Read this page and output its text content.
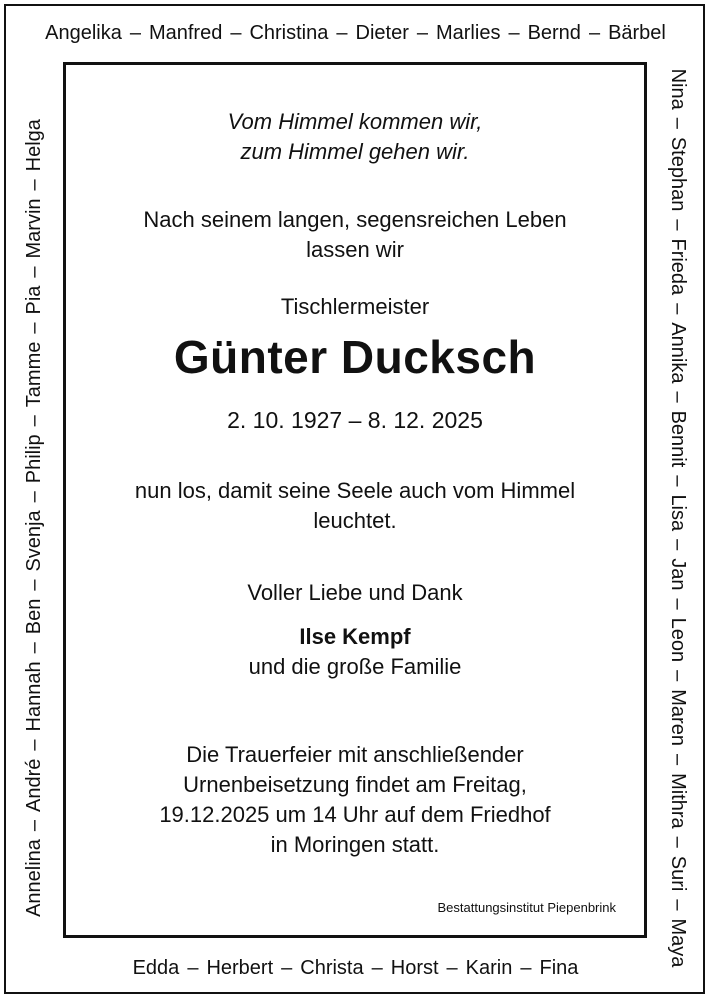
Angelika – Manfred – Christina – Dieter – Marlies – Bernd – Bärbel
Edda – Herbert – Christa – Horst – Karin – Fina
Annelina
–
André
–
Hannah
–
Ben
–
Svenja
–
Philip
–
Tamme
–
Pia
–
Marvin
–
Helga
Nina
–
Stephan
–
Frieda
–
Annika
–
Bennit
–
Lisa
–
Jan
–
Leon
–
Maren
–
Mithra
–
Suri
–
Maya
Vom Himmel kommen wir,
zum Himmel gehen wir.
Nach seinem langen, segensreichen Leben
lassen wir
Tischlermeister
Günter Ducksch
2. 10. 1927 – 8. 12. 2025
nun los, damit seine Seele auch vom Himmel
leuchtet.
Voller Liebe und Dank
Ilse Kempf
und die große Familie
Die Trauerfeier mit anschließender
Urnenbeisetzung findet am Freitag,
19.12.2025 um 14 Uhr auf dem Friedhof
in Moringen statt.
Bestattungsinstitut Piepenbrink
